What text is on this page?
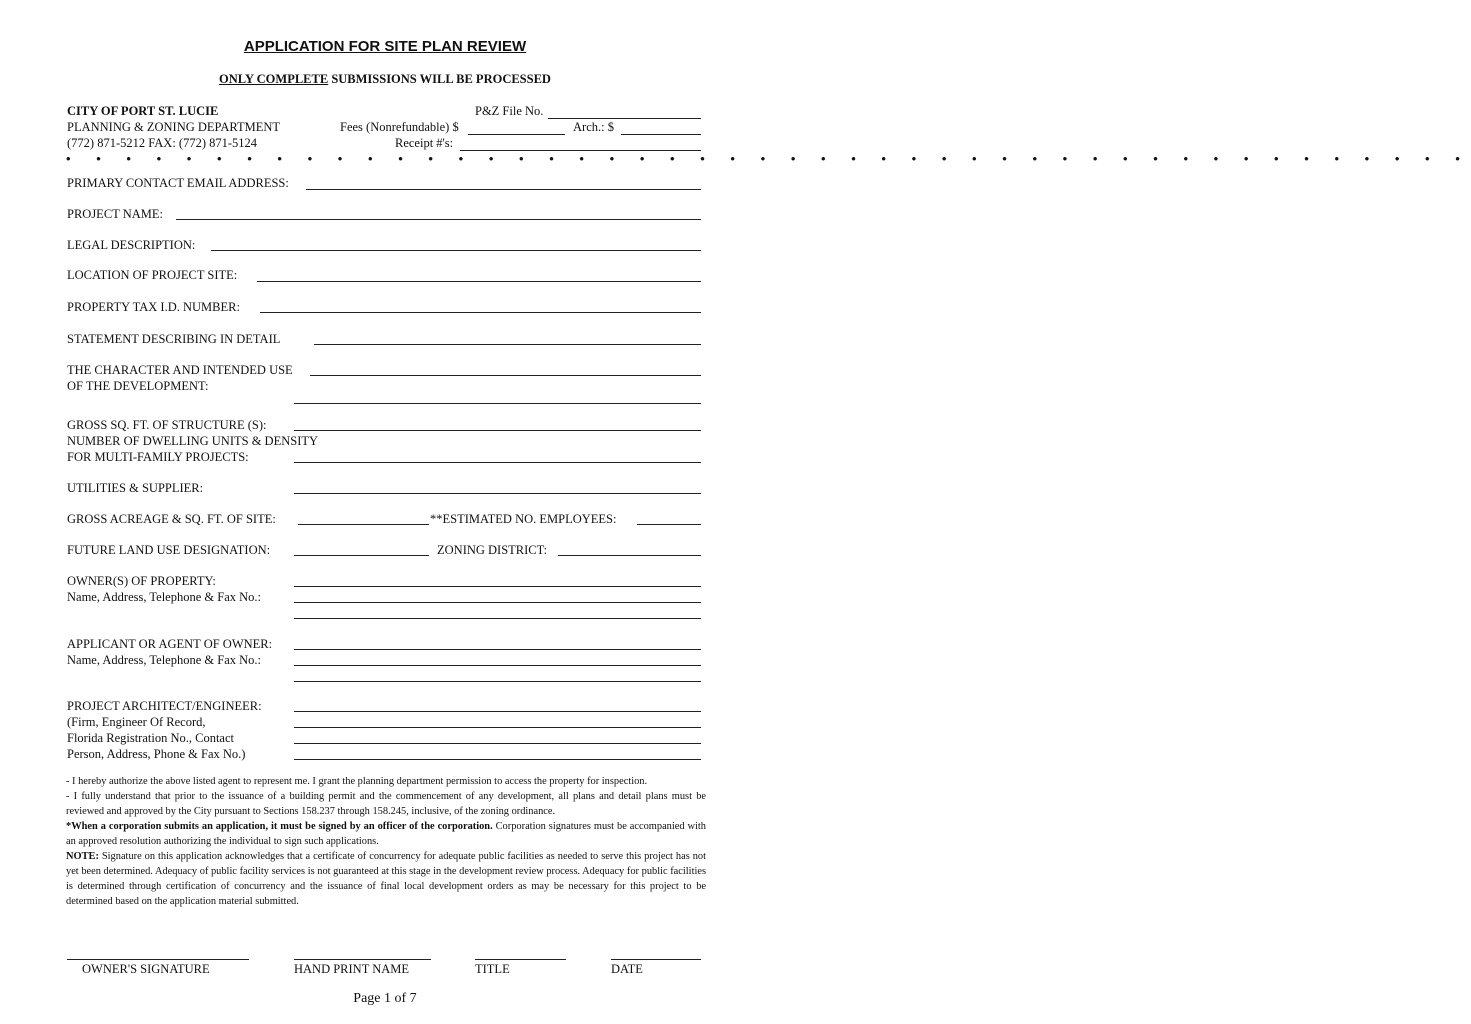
APPLICATION FOR SITE PLAN REVIEW
ONLY COMPLETE SUBMISSIONS WILL BE PROCESSED
CITY OF PORT ST. LUCIE
PLANNING & ZONING DEPARTMENT
(772) 871-5212 FAX: (772) 871-5124
P&Z File No.
Fees (Nonrefundable) $	Arch.: $
Receipt #'s:
• • • • • • • • • • • • • • • • • • • • • • • • • • • • • • • • • • • • • • • • • • • • • • •
PRIMARY CONTACT EMAIL ADDRESS:
PROJECT NAME:
LEGAL DESCRIPTION:
LOCATION OF PROJECT SITE:
PROPERTY TAX I.D. NUMBER:
STATEMENT DESCRIBING IN DETAIL
THE CHARACTER AND INTENDED USE
OF THE DEVELOPMENT:
GROSS SQ. FT. OF STRUCTURE (S):
NUMBER OF DWELLING UNITS & DENSITY
FOR MULTI-FAMILY PROJECTS:
UTILITIES & SUPPLIER:
GROSS ACREAGE & SQ. FT. OF SITE:	**ESTIMATED NO. EMPLOYEES:
FUTURE LAND USE DESIGNATION:	ZONING DISTRICT:
OWNER(S) OF PROPERTY:
Name, Address, Telephone & Fax No.:
APPLICANT OR AGENT OF OWNER:
Name, Address, Telephone & Fax No.:
PROJECT ARCHITECT/ENGINEER:
(Firm, Engineer Of Record,
Florida Registration No., Contact
Person, Address, Phone & Fax No.)

- I hereby authorize the above listed agent to represent me. I grant the planning department permission to access the property for inspection.

- I fully understand that prior to the issuance of a building permit and the commencement of any development, all plans and detail plans must be reviewed and approved by the City pursuant to Sections 158.237 through 158.245, inclusive, of the zoning ordinance.

*When a corporation submits an application, it must be signed by an officer of the corporation. Corporation signatures must be accompanied with an approved resolution authorizing the individual to sign such applications.

NOTE: Signature on this application acknowledges that a certificate of concurrency for adequate public facilities as needed to serve this project has not yet been determined. Adequacy of public facility services is not guaranteed at this stage in the development review process. Adequacy for public facilities is determined through certification of concurrency and the issuance of final local development orders as may be necessary for this project to be determined based on the application material submitted.

OWNER'S SIGNATURE	HAND PRINT NAME	TITLE	DATE
Page 1 of 7
